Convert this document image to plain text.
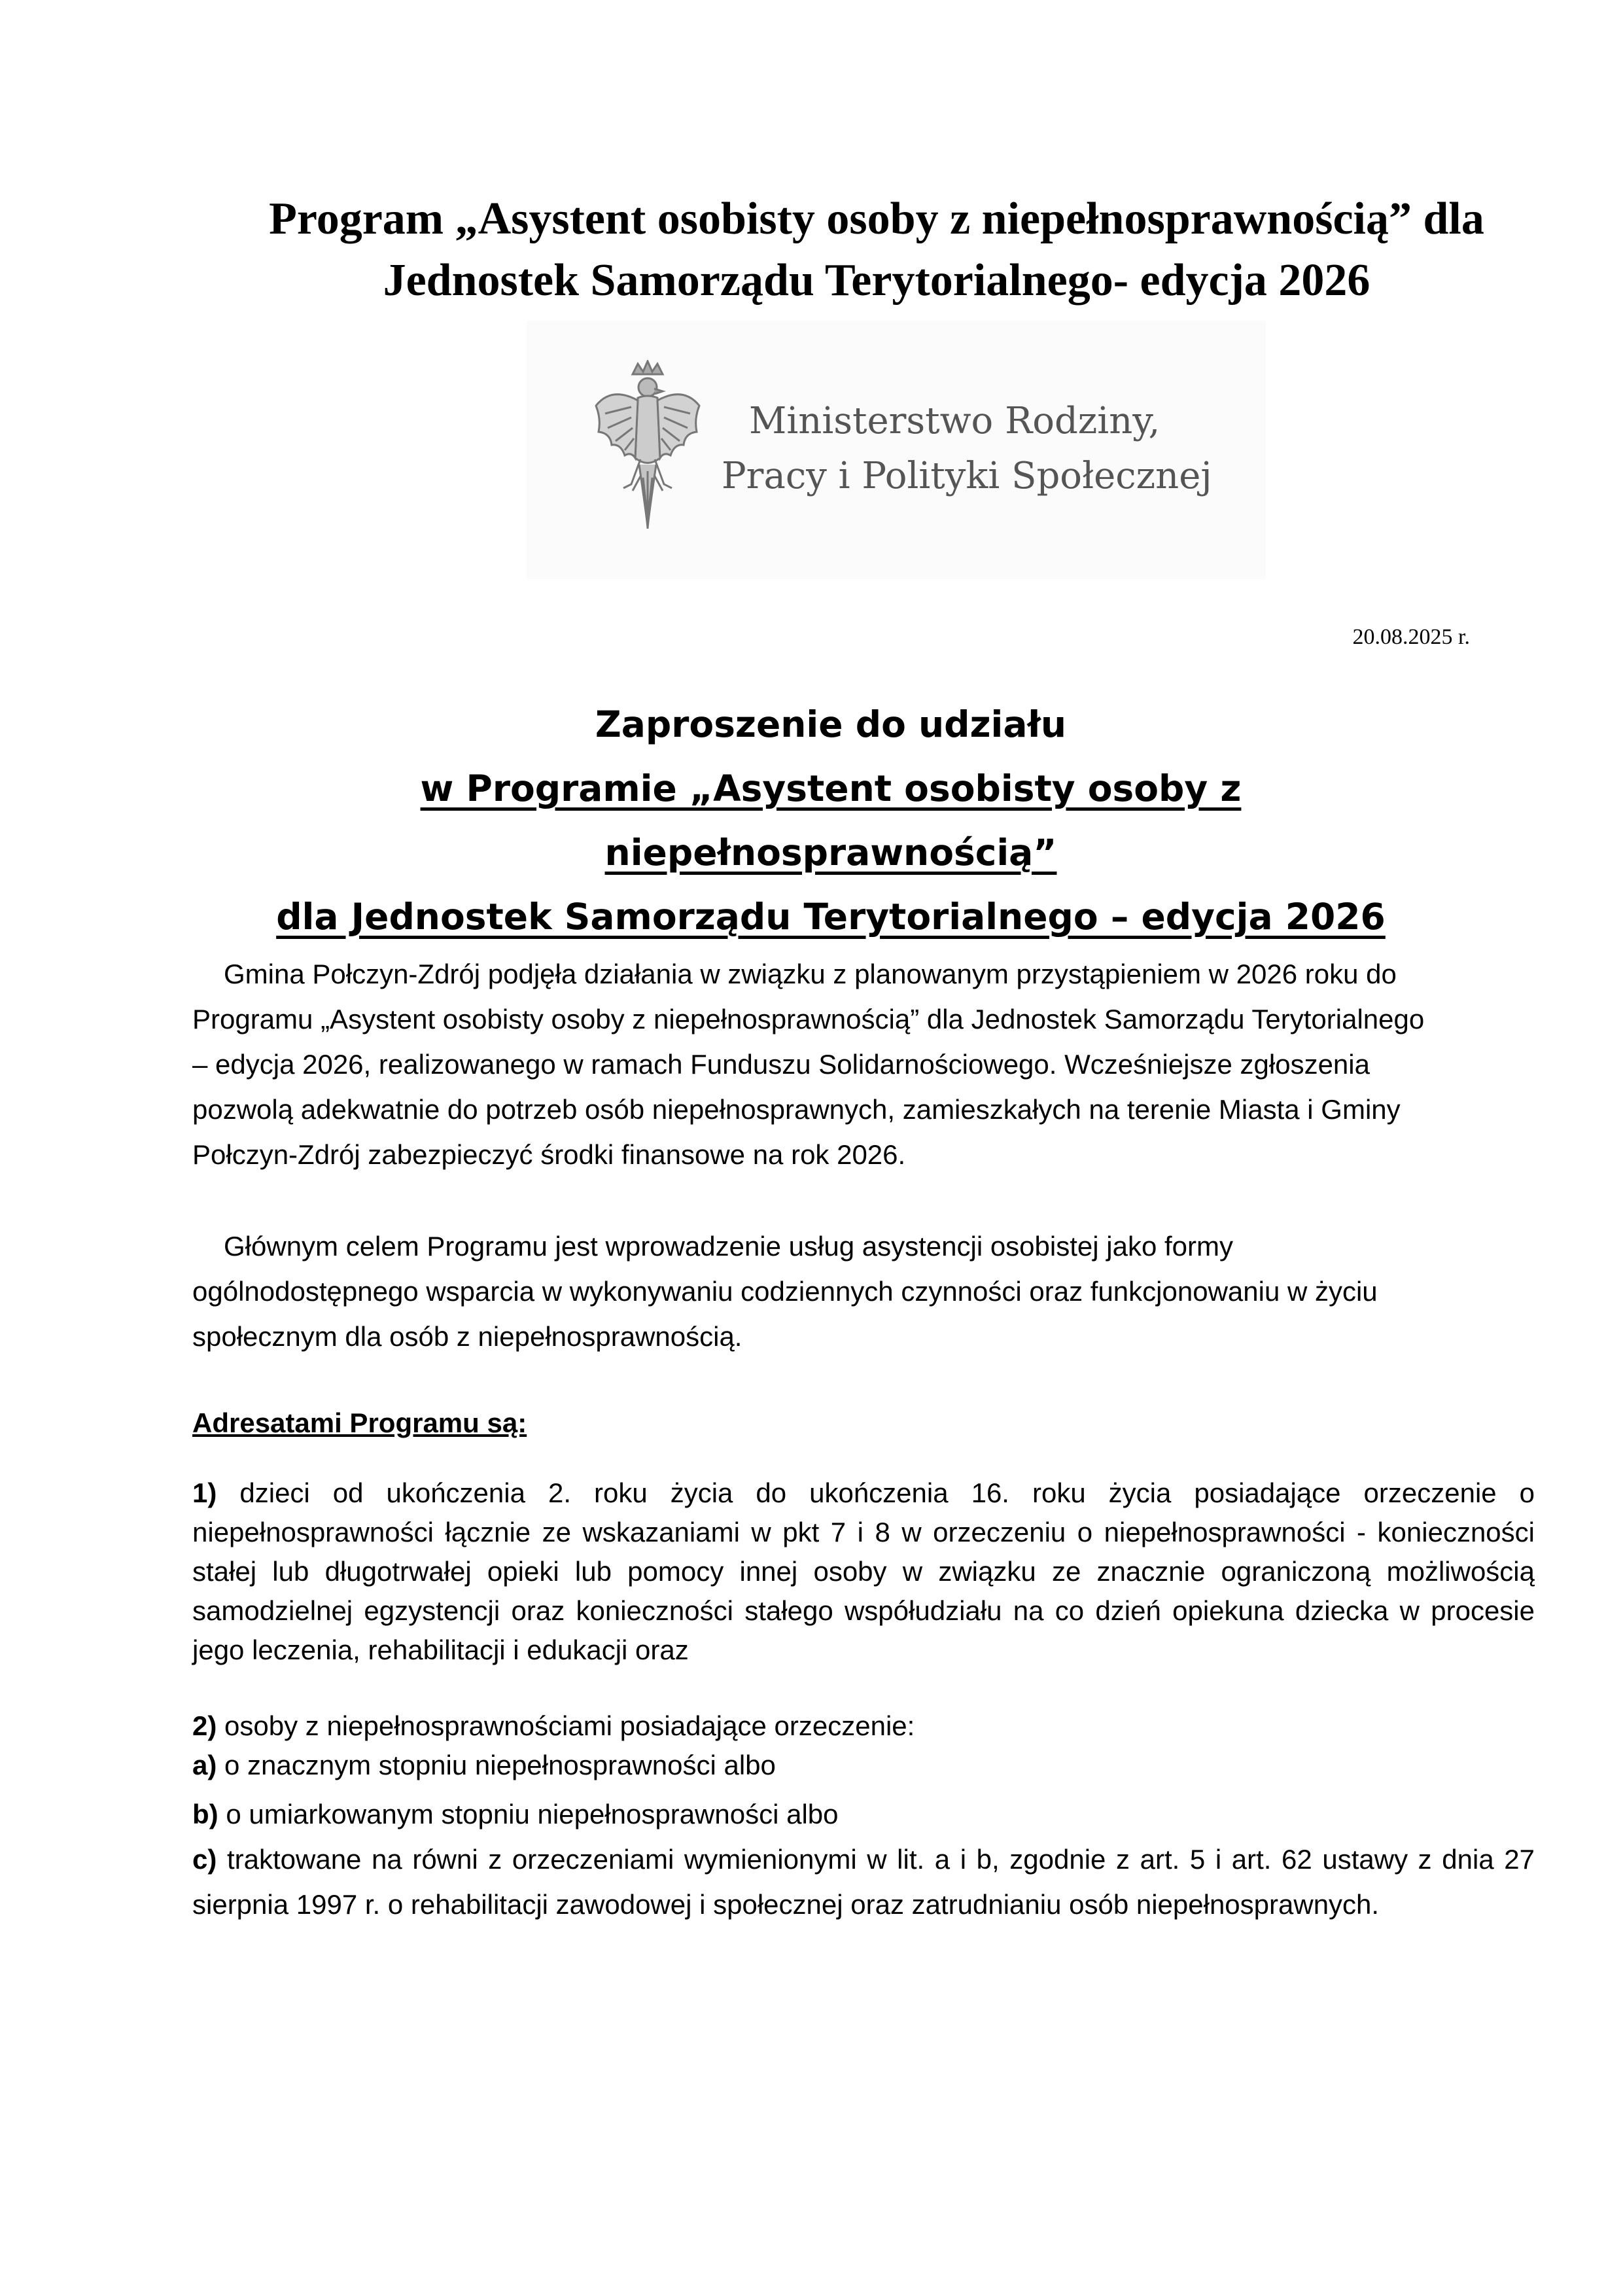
Program „Asystent osobisty osoby z niepełnosprawnością” dla
Jednostek Samorządu Terytorialnego- edycja 2026
Ministerstwo Rodziny,
Pracy i Polityki Społecznej
20.08.2025 r.
Zaproszenie do udziału
w Programie „Asystent osobisty osoby z niepełnosprawnością”
dla Jednostek Samorządu Terytorialnego – edycja 2026
Gmina Połczyn-Zdrój podjęła działania w związku z planowanym przystąpieniem w 2026 roku do
Programu „Asystent osobisty osoby z niepełnosprawnością” dla Jednostek Samorządu Terytorialnego
– edycja 2026, realizowanego w ramach Funduszu Solidarnościowego. Wcześniejsze zgłoszenia
pozwolą adekwatnie do potrzeb osób niepełnosprawnych, zamieszkałych na terenie Miasta i Gminy
Połczyn-Zdrój zabezpieczyć środki finansowe na rok 2026.
Głównym celem Programu jest wprowadzenie usług asystencji osobistej jako formy
ogólnodostępnego wsparcia w wykonywaniu codziennych czynności oraz funkcjonowaniu w życiu
społecznym dla osób z niepełnosprawnością.
Adresatami Programu są:

1) dzieci od ukończenia 2. roku życia do ukończenia 16. roku życia posiadające orzeczenie o niepełnosprawności łącznie ze wskazaniami w pkt 7 i 8 w orzeczeniu o niepełnosprawności - konieczności stałej lub długotrwałej opieki lub pomocy innej osoby w związku ze znacznie ograniczoną możliwością samodzielnej egzystencji oraz konieczności stałego współudziału na co dzień opiekuna dziecka w procesie jego leczenia, rehabilitacji i edukacji oraz

2) osoby z niepełnosprawnościami posiadające orzeczenie:
a) o znacznym stopniu niepełnosprawności albo
b) o umiarkowanym stopniu niepełnosprawności albo
c) traktowane na równi z orzeczeniami wymienionymi w lit. a i b, zgodnie z art. 5 i art. 62 ustawy z dnia 27 sierpnia 1997 r. o rehabilitacji zawodowej i społecznej oraz zatrudnianiu osób niepełnosprawnych.
